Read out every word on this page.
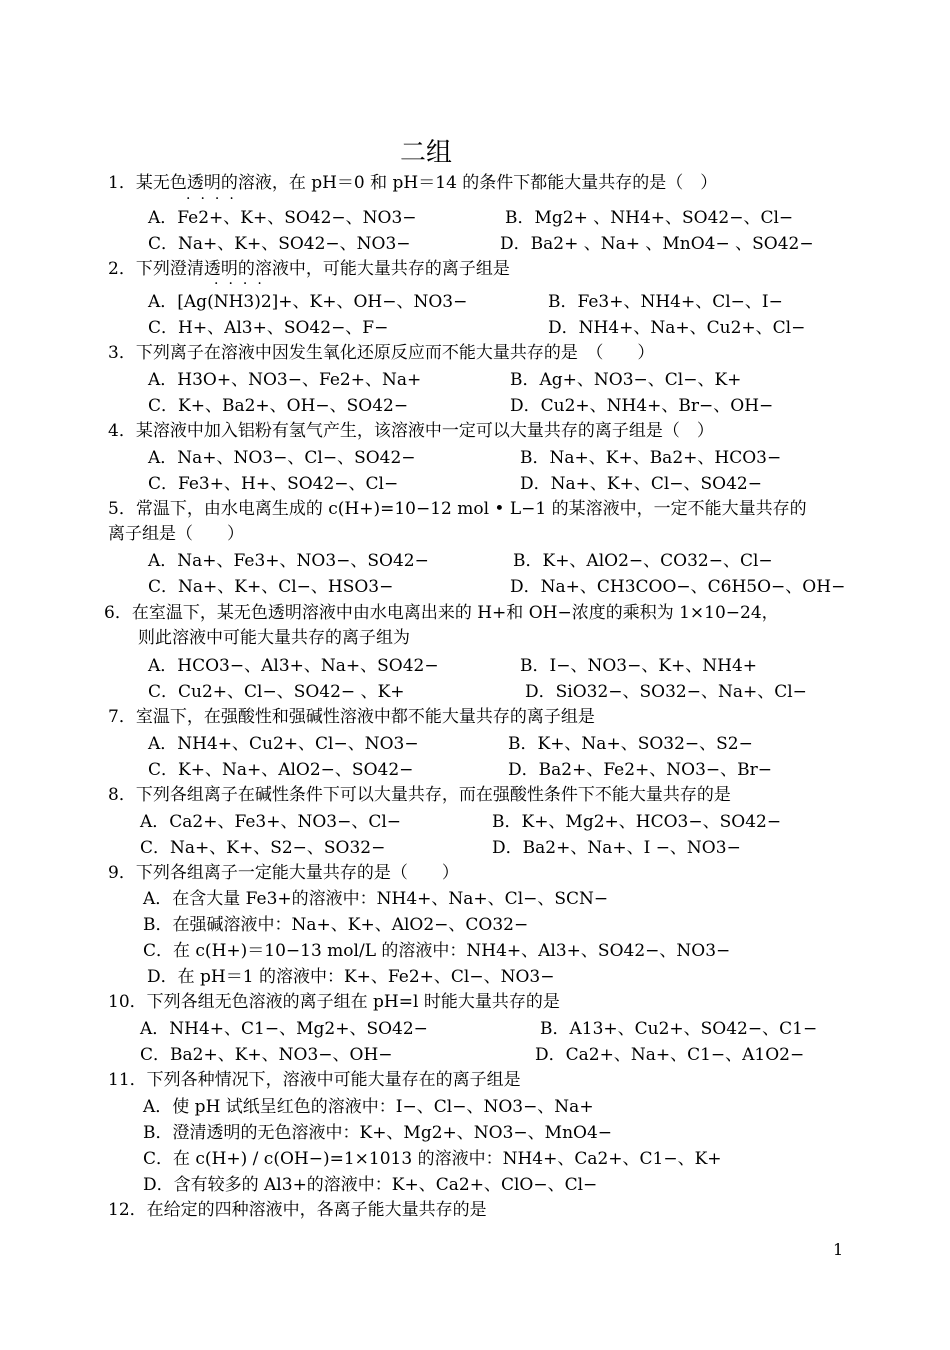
二组
1．某无色透明的溶液，在 pH＝0 和 pH＝14 的条件下都能大量共存的是（　）
····
A．Fe2+、K+、SO42−、NO3−	B．Mg2+ 、NH4+、SO42−、Cl−
C．Na+、K+、SO42−、NO3−	D．Ba2+ 、Na+ 、MnO4− 、SO42−
2．下列澄清透明的溶液中，可能大量共存的离子组是
····
A．[Ag(NH3)2]+、K+、OH−、NO3−	B．Fe3+、NH4+、Cl−、I−
C．H+、Al3+、SO42−、F−	D．NH4+、Na+、Cu2+、Cl−
3．下列离子在溶液中因发生氧化还原反应而不能大量共存的是　（　　）
A．H3O+、NO3−、Fe2+、Na+	B．Ag+、NO3−、Cl−、K+
C．K+、Ba2+、OH−、SO42−	D．Cu2+、NH4+、Br−、OH−
4．某溶液中加入铝粉有氢气产生，该溶液中一定可以大量共存的离子组是（　）
A．Na+、NO3−、Cl−、SO42−	B．Na+、K+、Ba2+、HCO3−
C．Fe3+、H+、SO42−、Cl−	D．Na+、K+、Cl−、SO42−
5．常温下，由水电离生成的 c(H+)=10−12 mol • L−1 的某溶液中，一定不能大量共存的
离子组是（　　）
A．Na+、Fe3+、NO3−、SO42−	B．K+、AlO2−、CO32−、Cl−
C．Na+、K+、Cl−、HSO3−	D．Na+、CH3COO−、C6H5O−、OH−
6．在室温下，某无色透明溶液中由水电离出来的 H+和 OH−浓度的乘积为 1×10−24，
则此溶液中可能大量共存的离子组为
A．HCO3−、Al3+、Na+、SO42−	B．I−、NO3−、K+、NH4+
C．Cu2+、Cl−、SO42− 、K+	D．SiO32−、SO32−、Na+、Cl−
7．室温下，在强酸性和强碱性溶液中都不能大量共存的离子组是
A．NH4+、Cu2+、Cl−、NO3−	B．K+、Na+、SO32−、S2−
C．K+、Na+、AlO2−、SO42−	D．Ba2+、Fe2+、NO3−、Br−
8．下列各组离子在碱性条件下可以大量共存，而在强酸性条件下不能大量共存的是
A．Ca2+、Fe3+、NO3−、Cl−	B．K+、Mg2+、HCO3−、SO42−
C．Na+、K+、S2−、SO32−	D．Ba2+、Na+、I −、NO3−
9．下列各组离子一定能大量共存的是（　　）
A．在含大量 Fe3+的溶液中：NH4+、Na+、Cl−、SCN−
B．在强碱溶液中：Na+、K+、AlO2−、CO32−
C．在 c(H+)＝10−13 mol/L 的溶液中：NH4+、Al3+、SO42−、NO3−
D．在 pH＝1 的溶液中：K+、Fe2+、Cl−、NO3−
10．下列各组无色溶液的离子组在 pH=l 时能大量共存的是
A．NH4+、C1−、Mg2+、SO42−	B．A13+、Cu2+、SO42−、C1−
C．Ba2+、K+、NO3−、OH−	D．Ca2+、Na+、C1−、A1O2−
11．下列各种情况下，溶液中可能大量存在的离子组是
A．使 pH 试纸呈红色的溶液中：I−、Cl−、NO3−、Na+
B．澄清透明的无色溶液中：K+、Mg2+、NO3−、MnO4−
C．在 c(H+) / c(OH−)=1×1013 的溶液中：NH4+、Ca2+、C1−、K+
D．含有较多的 Al3+的溶液中：K+、Ca2+、ClO−、Cl−
12．在给定的四种溶液中，各离子能大量共存的是
1
